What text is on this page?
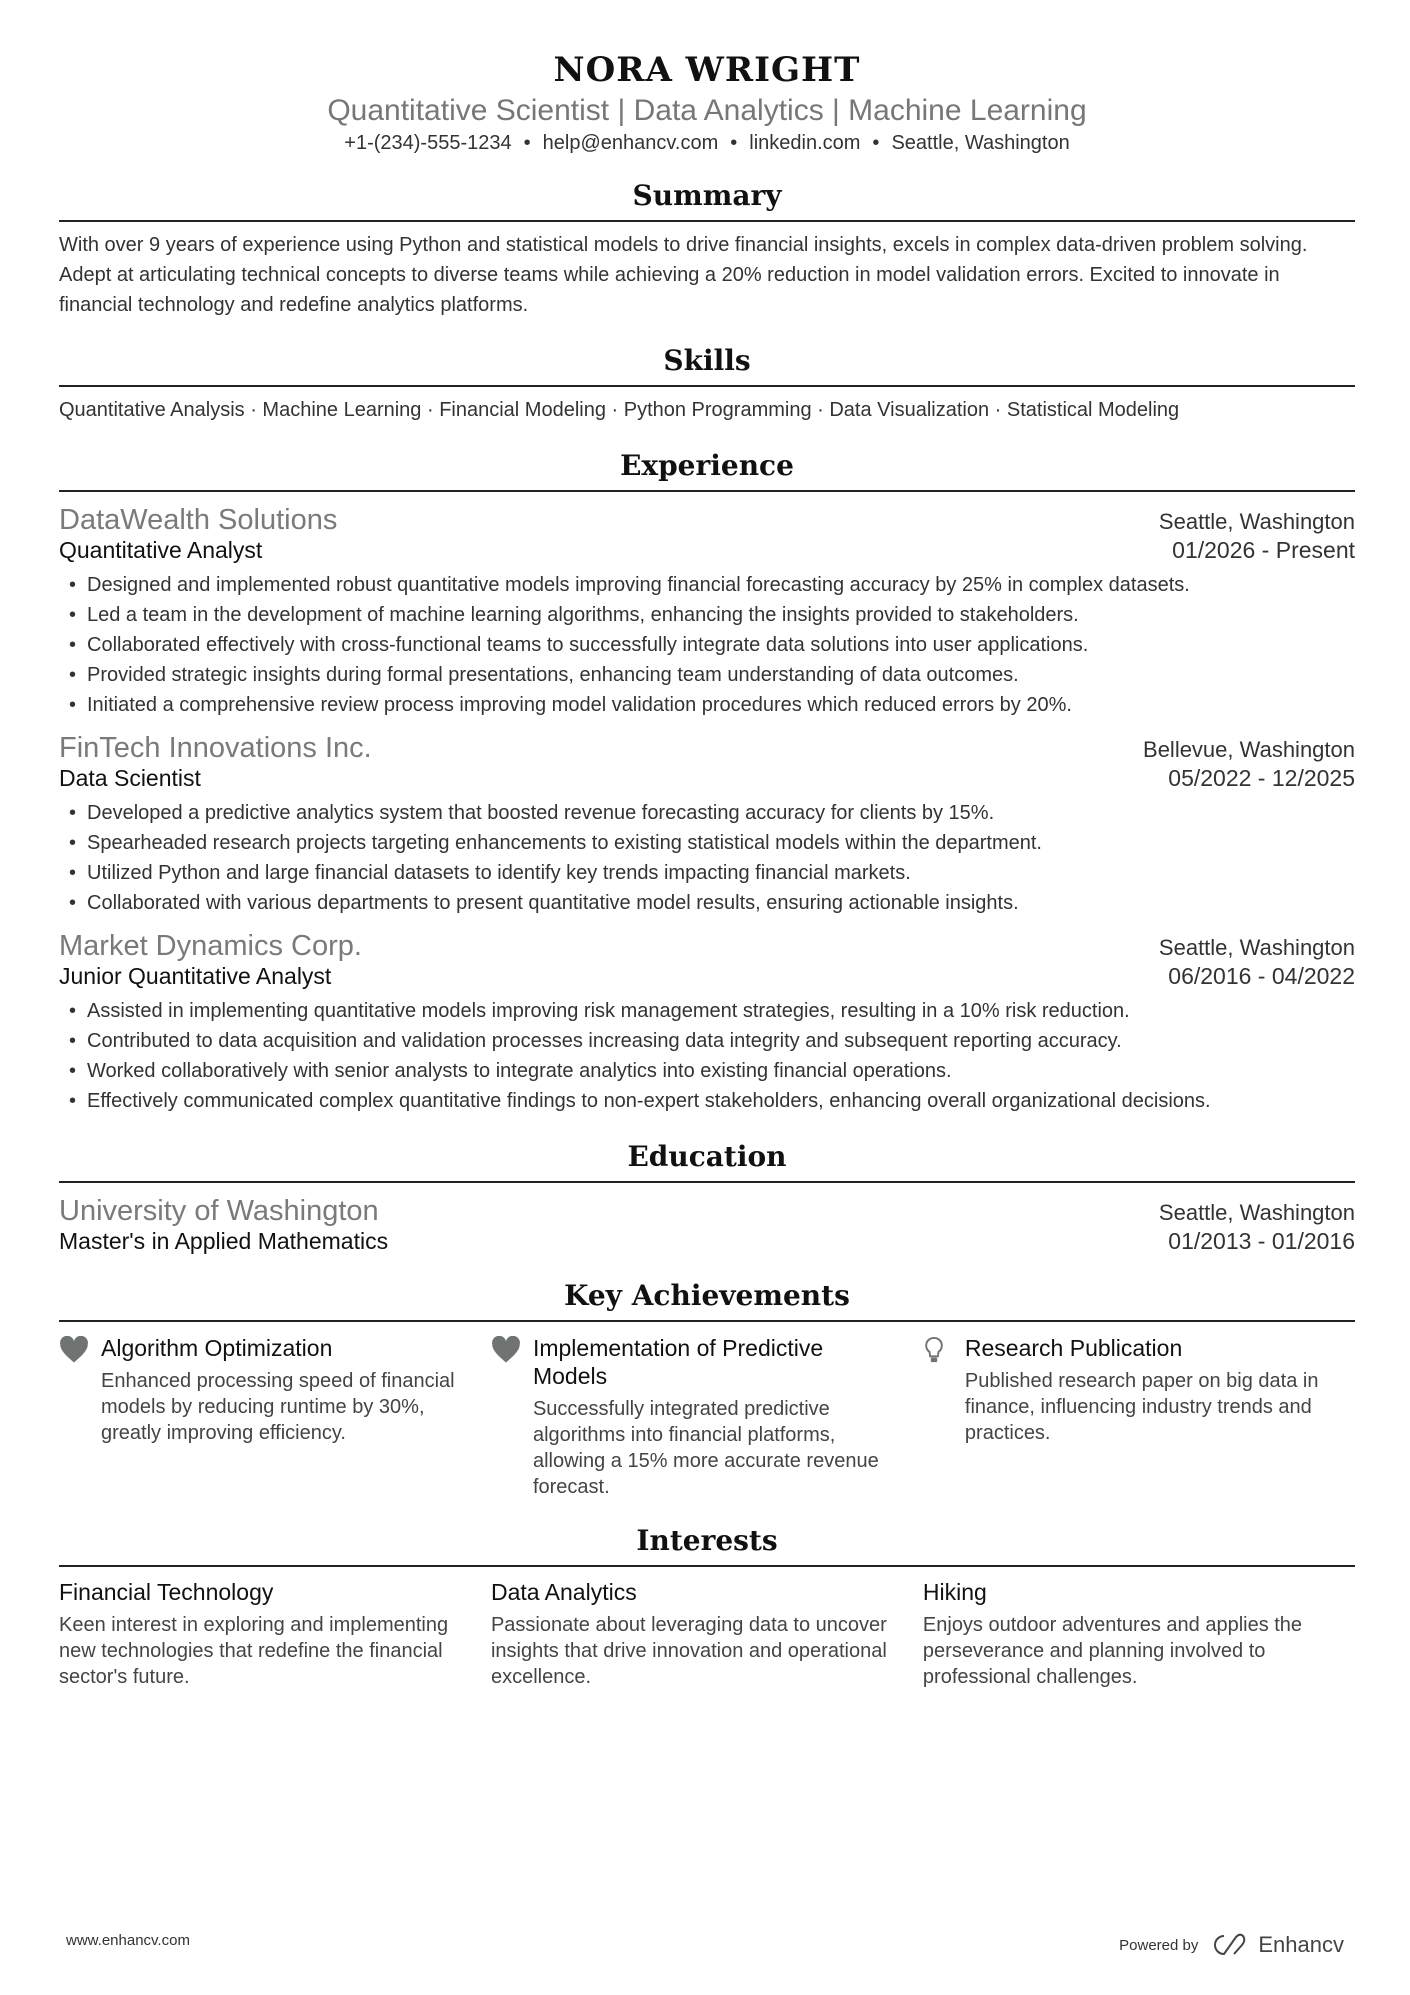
NORA WRIGHT
Quantitative Scientist | Data Analytics | Machine Learning
+1-(234)-555-1234 • help@enhancv.com • linkedin.com • Seattle, Washington
Summary
With over 9 years of experience using Python and statistical models to drive financial insights, excels in complex data-driven problem solving. Adept at articulating technical concepts to diverse teams while achieving a 20% reduction in model validation errors. Excited to innovate in financial technology and redefine analytics platforms.
Skills
Quantitative Analysis · Machine Learning · Financial Modeling · Python Programming · Data Visualization · Statistical Modeling
Experience
DataWealth Solutions	Seattle, Washington
Quantitative Analyst	01/2026 - Present
• Designed and implemented robust quantitative models improving financial forecasting accuracy by 25% in complex datasets.
• Led a team in the development of machine learning algorithms, enhancing the insights provided to stakeholders.
• Collaborated effectively with cross-functional teams to successfully integrate data solutions into user applications.
• Provided strategic insights during formal presentations, enhancing team understanding of data outcomes.
• Initiated a comprehensive review process improving model validation procedures which reduced errors by 20%.
FinTech Innovations Inc.	Bellevue, Washington
Data Scientist	05/2022 - 12/2025
• Developed a predictive analytics system that boosted revenue forecasting accuracy for clients by 15%.
• Spearheaded research projects targeting enhancements to existing statistical models within the department.
• Utilized Python and large financial datasets to identify key trends impacting financial markets.
• Collaborated with various departments to present quantitative model results, ensuring actionable insights.
Market Dynamics Corp.	Seattle, Washington
Junior Quantitative Analyst	06/2016 - 04/2022
• Assisted in implementing quantitative models improving risk management strategies, resulting in a 10% risk reduction.
• Contributed to data acquisition and validation processes increasing data integrity and subsequent reporting accuracy.
• Worked collaboratively with senior analysts to integrate analytics into existing financial operations.
• Effectively communicated complex quantitative findings to non-expert stakeholders, enhancing overall organizational decisions.
Education
University of Washington	Seattle, Washington
Master's in Applied Mathematics	01/2013 - 01/2016
Key Achievements
Algorithm Optimization
Enhanced processing speed of financial models by reducing runtime by 30%, greatly improving efficiency.
Implementation of Predictive Models
Successfully integrated predictive algorithms into financial platforms, allowing a 15% more accurate revenue forecast.
Research Publication
Published research paper on big data in finance, influencing industry trends and practices.
Interests
Financial Technology
Keen interest in exploring and implementing new technologies that redefine the financial sector's future.
Data Analytics
Passionate about leveraging data to uncover insights that drive innovation and operational excellence.
Hiking
Enjoys outdoor adventures and applies the perseverance and planning involved to professional challenges.
www.enhancv.com	Powered by	Enhancv
